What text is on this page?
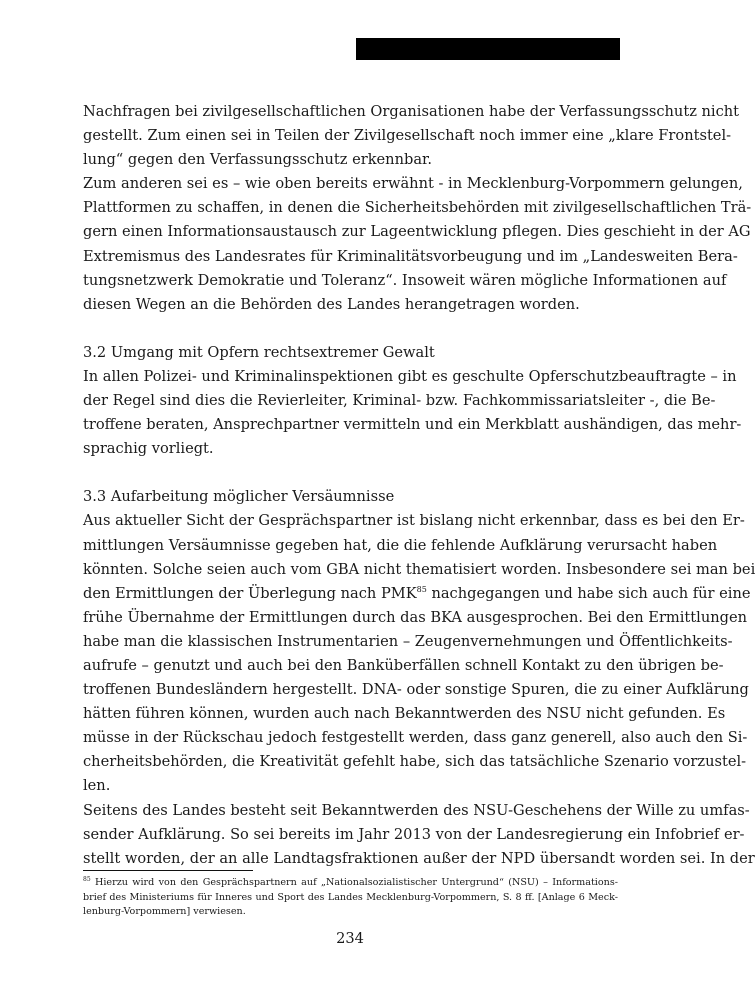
Nachfragen bei zivilgesellschaftlichen Organisationen habe der Verfassungsschutz nicht
gestellt. Zum einen sei in Teilen der Zivilgesellschaft noch immer eine „klare Frontstel-
lung“ gegen den Verfassungsschutz erkennbar.
Zum anderen sei es – wie oben bereits erwähnt - in Mecklenburg-Vorpommern gelungen,
Plattformen zu schaffen, in denen die Sicherheitsbehörden mit zivilgesellschaftlichen Trä-
gern einen Informationsaustausch zur Lageentwicklung pflegen. Dies geschieht in der AG
Extremismus des Landesrates für Kriminalitätsvorbeugung und im „Landesweiten Bera-
tungsnetzwerk Demokratie und Toleranz“. Insoweit wären mögliche Informationen auf
diesen Wegen an die Behörden des Landes herangetragen worden.
3.2 Umgang mit Opfern rechtsextremer Gewalt
In allen Polizei- und Kriminalinspektionen gibt es geschulte Opferschutzbeauftragte – in
der Regel sind dies die Revierleiter, Kriminal- bzw. Fachkommissariatsleiter -, die Be-
troffene beraten, Ansprechpartner vermitteln und ein Merkblatt aushändigen, das mehr-
sprachig vorliegt.
3.3 Aufarbeitung möglicher Versäumnisse
Aus aktueller Sicht der Gesprächspartner ist bislang nicht erkennbar, dass es bei den Er-
mittlungen Versäumnisse gegeben hat, die die fehlende Aufklärung verursacht haben
könnten. Solche seien auch vom GBA nicht thematisiert worden. Insbesondere sei man bei
den Ermittlungen der Überlegung nach PMK$^{85}$ nachgegangen und habe sich auch für eine
frühe Übernahme der Ermittlungen durch das BKA ausgesprochen. Bei den Ermittlungen
habe man die klassischen Instrumentarien – Zeugenvernehmungen und Öffentlichkeits-
aufrufe – genutzt und auch bei den Banküberfällen schnell Kontakt zu den übrigen be-
troffenen Bundesländern hergestellt. DNA- oder sonstige Spuren, die zu einer Aufklärung
hätten führen können, wurden auch nach Bekanntwerden des NSU nicht gefunden. Es
müsse in der Rückschau jedoch festgestellt werden, dass ganz generell, also auch den Si-
cherheitsbehörden, die Kreativität gefehlt habe, sich das tatsächliche Szenario vorzustel-
len.
Seitens des Landes besteht seit Bekanntwerden des NSU-Geschehens der Wille zu umfas-
sender Aufklärung. So sei bereits im Jahr 2013 von der Landesregierung ein Infobrief er-
stellt worden, der an alle Landtagsfraktionen außer der NPD übersandt worden sei. In der
$^{85}$ Hierzu wird von den Gesprächspartnern auf „Nationalsozialistischer Untergrund“ (NSU) – Informations-
brief des Ministeriums für Inneres und Sport des Landes Mecklenburg-Vorpommern, S. 8 ff. [Anlage 6 Meck-
lenburg-Vorpommern] verwiesen.
234
